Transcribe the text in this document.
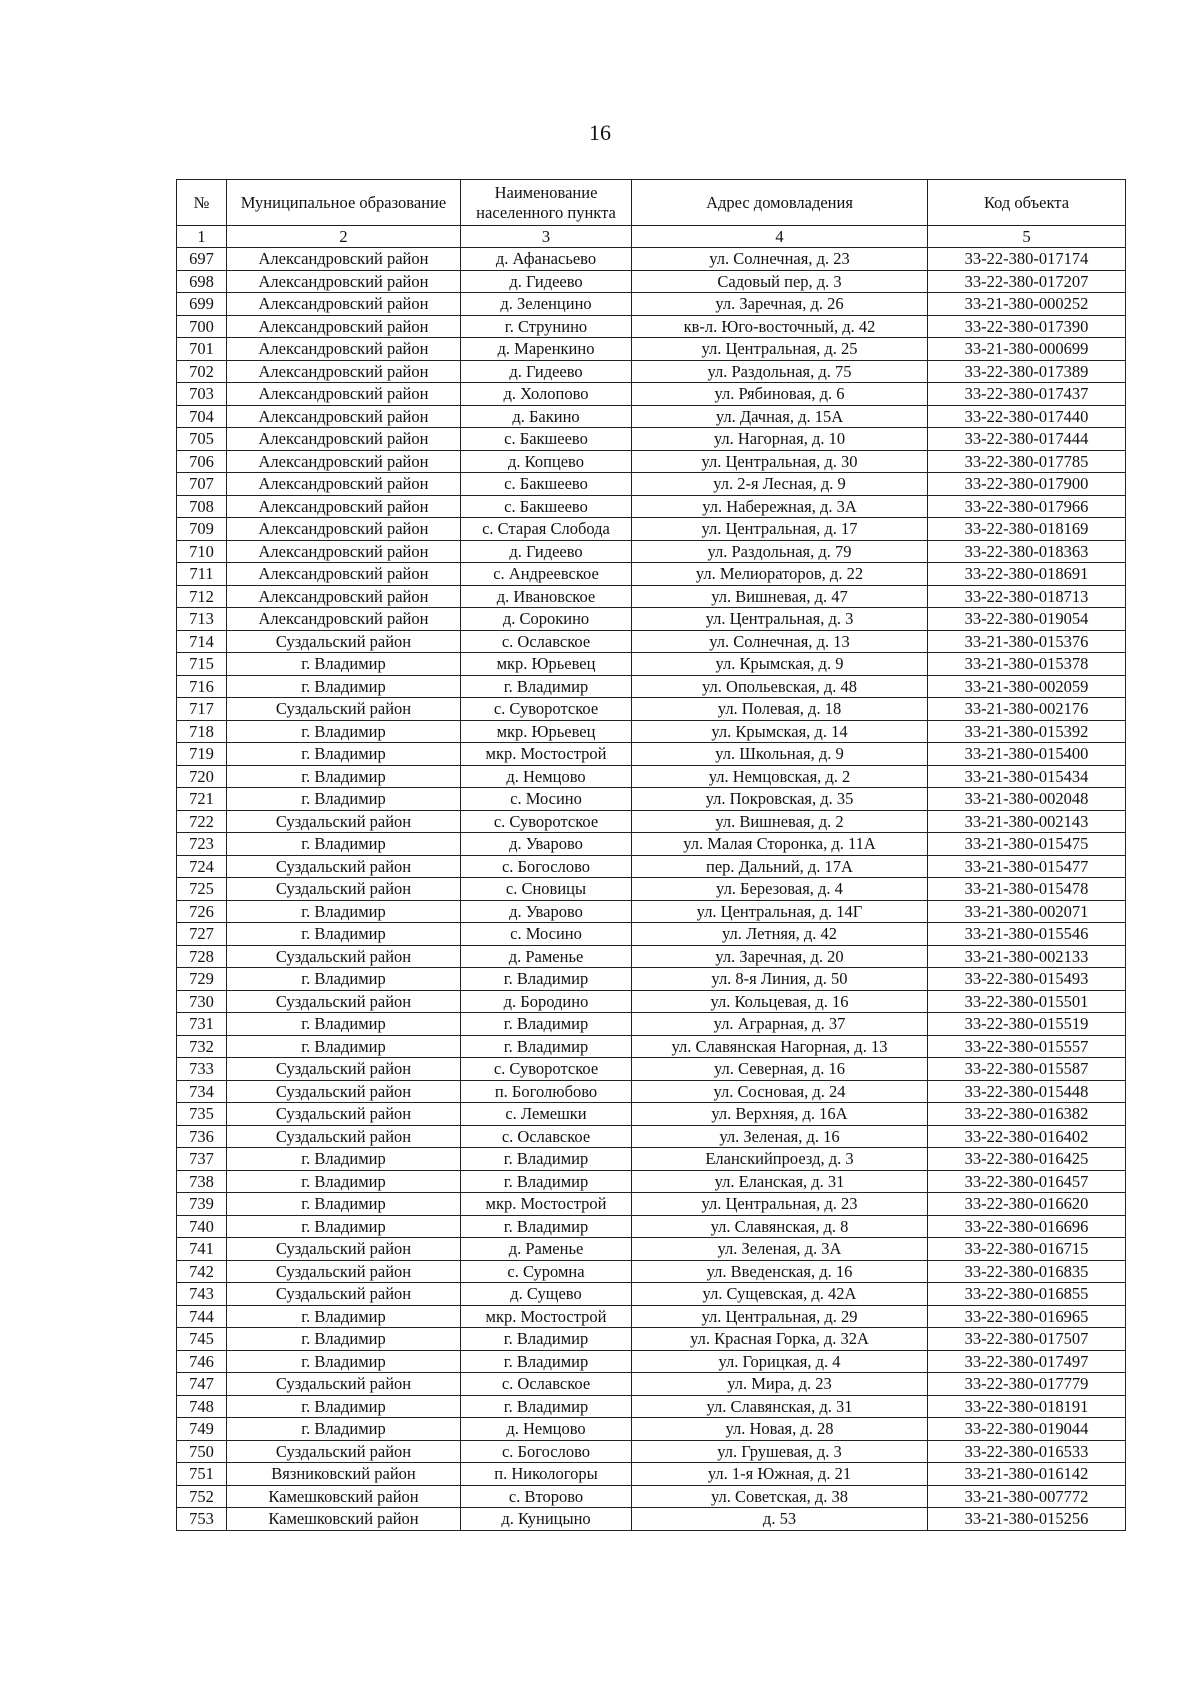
16
№	Муниципальное образование	Наименование населенного пункта	Адрес домовладения	Код объекта
1	2	3	4	5
697	Александровский район	д. Афанасьево	ул. Солнечная, д. 23	33-22-380-017174
698	Александровский район	д. Гидеево	Садовый пер, д. 3	33-22-380-017207
699	Александровский район	д. Зеленцино	ул. Заречная, д. 26	33-21-380-000252
700	Александровский район	г. Струнино	кв-л. Юго-восточный, д. 42	33-22-380-017390
701	Александровский район	д. Маренкино	ул. Центральная, д. 25	33-21-380-000699
702	Александровский район	д. Гидеево	ул. Раздольная, д. 75	33-22-380-017389
703	Александровский район	д. Холопово	ул. Рябиновая, д. 6	33-22-380-017437
704	Александровский район	д. Бакино	ул. Дачная, д. 15А	33-22-380-017440
705	Александровский район	с. Бакшеево	ул. Нагорная, д. 10	33-22-380-017444
706	Александровский район	д. Копцево	ул. Центральная, д. 30	33-22-380-017785
707	Александровский район	с. Бакшеево	ул. 2-я Лесная, д. 9	33-22-380-017900
708	Александровский район	с. Бакшеево	ул. Набережная, д. 3А	33-22-380-017966
709	Александровский район	с. Старая Слобода	ул. Центральная, д. 17	33-22-380-018169
710	Александровский район	д. Гидеево	ул. Раздольная, д. 79	33-22-380-018363
711	Александровский район	с. Андреевское	ул. Мелиораторов, д. 22	33-22-380-018691
712	Александровский район	д. Ивановское	ул. Вишневая, д. 47	33-22-380-018713
713	Александровский район	д. Сорокино	ул. Центральная, д. 3	33-22-380-019054
714	Суздальский район	с. Оcлавское	ул. Солнечная, д. 13	33-21-380-015376
715	г. Владимир	мкр. Юрьевец	ул. Крымская, д. 9	33-21-380-015378
716	г. Владимир	г. Владимир	ул. Опольевская, д. 48	33-21-380-002059
717	Суздальский район	с. Суворотское	ул. Полевая, д. 18	33-21-380-002176
718	г. Владимир	мкр. Юрьевец	ул. Крымская, д. 14	33-21-380-015392
719	г. Владимир	мкр. Мостострой	ул. Школьная, д. 9	33-21-380-015400
720	г. Владимир	д. Немцово	ул. Немцовская, д. 2	33-21-380-015434
721	г. Владимир	с. Мосино	ул. Покровская, д. 35	33-21-380-002048
722	Суздальский район	с. Суворотское	ул. Вишневая, д. 2	33-21-380-002143
723	г. Владимир	д. Уварово	ул. Малая Сторонка, д. 11А	33-21-380-015475
724	Суздальский район	с. Богослово	пер. Дальний, д. 17А	33-21-380-015477
725	Суздальский район	с. Сновицы	ул. Березовая, д. 4	33-21-380-015478
726	г. Владимир	д. Уварово	ул. Центральная, д. 14Г	33-21-380-002071
727	г. Владимир	с. Мосино	ул. Летняя, д. 42	33-21-380-015546
728	Суздальский район	д. Раменье	ул. Заречная, д. 20	33-21-380-002133
729	г. Владимир	г. Владимир	ул. 8-я Линия, д. 50	33-22-380-015493
730	Суздальский район	д. Бородино	ул. Кольцевая, д. 16	33-22-380-015501
731	г. Владимир	г. Владимир	ул. Аграрная, д. 37	33-22-380-015519
732	г. Владимир	г. Владимир	ул. Славянская Нагорная, д. 13	33-22-380-015557
733	Суздальский район	с. Суворотское	ул. Северная, д. 16	33-22-380-015587
734	Суздальский район	п. Боголюбово	ул. Сосновая, д. 24	33-22-380-015448
735	Суздальский район	с. Лемешки	ул. Верхняя, д. 16А	33-22-380-016382
736	Суздальский район	с. Оcлавское	ул. Зеленая, д. 16	33-22-380-016402
737	г. Владимир	г. Владимир	Еланскийпроезд, д. 3	33-22-380-016425
738	г. Владимир	г. Владимир	ул. Еланская, д. 31	33-22-380-016457
739	г. Владимир	мкр. Мостострой	ул. Центральная, д. 23	33-22-380-016620
740	г. Владимир	г. Владимир	ул. Славянская, д. 8	33-22-380-016696
741	Суздальский район	д. Раменье	ул. Зеленая, д. 3А	33-22-380-016715
742	Суздальский район	с. Суромна	ул. Введенская, д. 16	33-22-380-016835
743	Суздальский район	д. Сущево	ул. Сущевская, д. 42А	33-22-380-016855
744	г. Владимир	мкр. Мостострой	ул. Центральная, д. 29	33-22-380-016965
745	г. Владимир	г. Владимир	ул. Красная Горка, д. 32А	33-22-380-017507
746	г. Владимир	г. Владимир	ул. Горицкая, д. 4	33-22-380-017497
747	Суздальский район	с. Оcлавское	ул. Мира, д. 23	33-22-380-017779
748	г. Владимир	г. Владимир	ул. Славянская, д. 31	33-22-380-018191
749	г. Владимир	д. Немцово	ул. Новая, д. 28	33-22-380-019044
750	Суздальский район	с. Богослово	ул. Грушевая, д. 3	33-22-380-016533
751	Вязниковский район	п. Никологоры	ул. 1-я Южная, д. 21	33-21-380-016142
752	Камешковский район	с. Второво	ул. Советская, д. 38	33-21-380-007772
753	Камешковский район	д. Куницыно	д. 53	33-21-380-015256
